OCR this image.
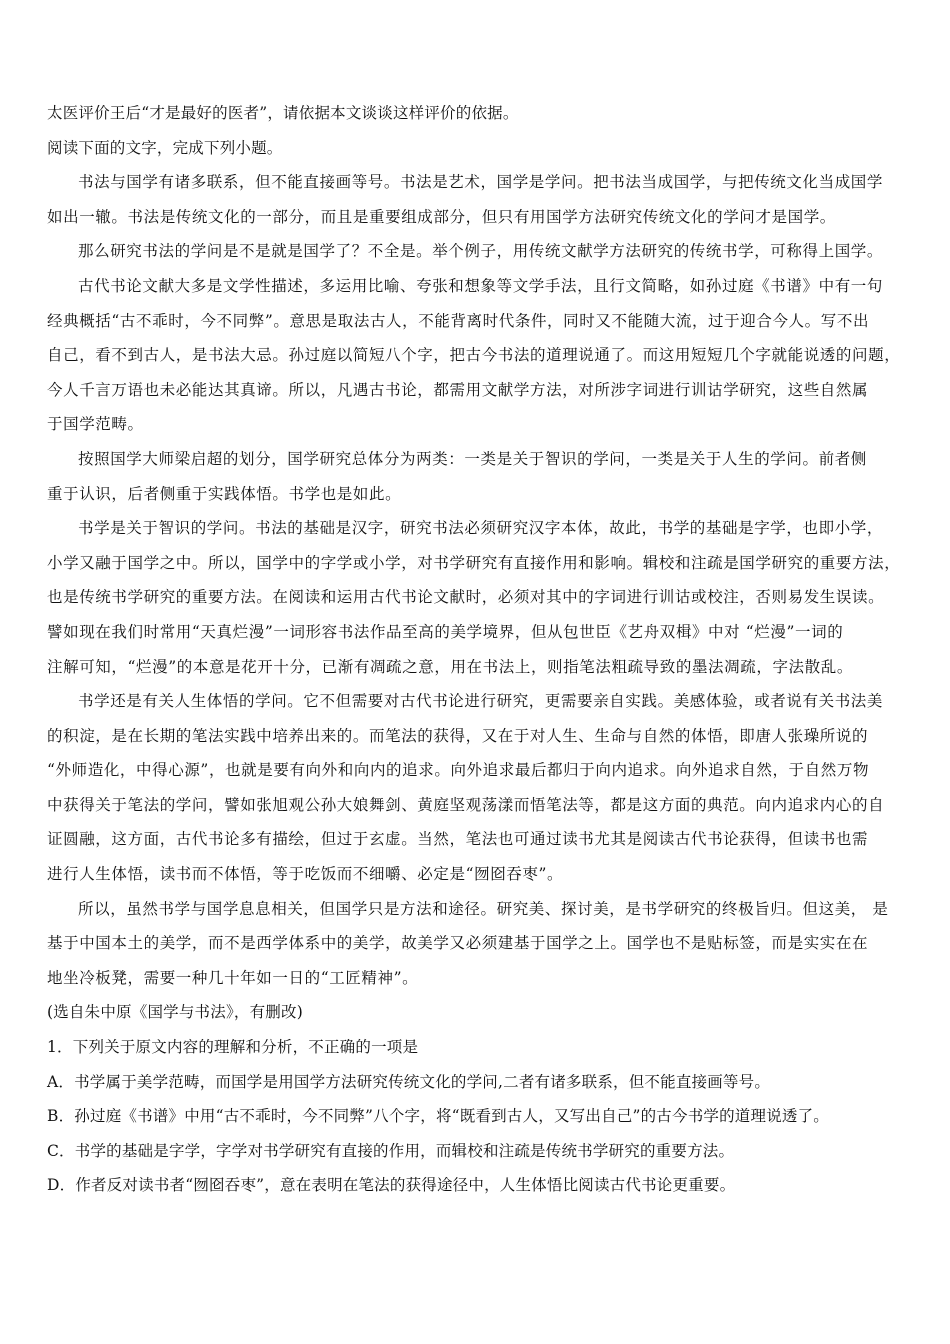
太医评价王后“才是最好的医者”，请依据本文谈谈这样评价的依据。
阅读下面的文字，完成下列小题。
书法与国学有诸多联系，但不能直接画等号。书法是艺术，国学是学问。把书法当成国学，与把传统文化当成国学
如出一辙。书法是传统文化的一部分，而且是重要组成部分，但只有用国学方法研究传统文化的学问才是国学。
那么研究书法的学问是不是就是国学了？不全是。举个例子，用传统文献学方法研究的传统书学，可称得上国学。
古代书论文献大多是文学性描述，多运用比喻、夸张和想象等文学手法，且行文简略，如孙过庭《书谱》中有一句
经典概括“古不乖时，今不同弊”。意思是取法古人，不能背离时代条件，同时又不能随大流，过于迎合今人。写不出
自己，看不到古人，是书法大忌。孙过庭以简短八个字，把古今书法的道理说通了。而这用短短几个字就能说透的问题，
今人千言万语也未必能达其真谛。所以，凡遇古书论，都需用文献学方法，对所涉字词进行训诂学研究，这些自然属
于国学范畴。
按照国学大师梁启超的划分，国学研究总体分为两类：一类是关于智识的学问，一类是关于人生的学问。前者侧
重于认识，后者侧重于实践体悟。书学也是如此。
书学是关于智识的学问。书法的基础是汉字，研究书法必须研究汉字本体，故此，书学的基础是字学，也即小学，
小学又融于国学之中。所以，国学中的字学或小学，对书学研究有直接作用和影响。辑校和注疏是国学研究的重要方法，
也是传统书学研究的重要方法。在阅读和运用古代书论文献时，必须对其中的字词进行训诂或校注，否则易发生误读。
譬如现在我们时常用“天真烂漫”一词形容书法作品至高的美学境界，但从包世臣《艺舟双楫》中对 “烂漫”一词的
注解可知，“烂漫”的本意是花开十分，已渐有凋疏之意，用在书法上，则指笔法粗疏导致的墨法凋疏，字法散乱。
书学还是有关人生体悟的学问。它不但需要对古代书论进行研究，更需要亲自实践。美感体验，或者说有关书法美
的积淀，是在长期的笔法实践中培养出来的。而笔法的获得，又在于对人生、生命与自然的体悟，即唐人张璪所说的
“外师造化，中得心源”，也就是要有向外和向内的追求。向外追求最后都归于向内追求。向外追求自然，于自然万物
中获得关于笔法的学问，譬如张旭观公孙大娘舞剑、黄庭坚观荡漾而悟笔法等，都是这方面的典范。向内追求内心的自
证圆融，这方面，古代书论多有描绘，但过于玄虚。当然，笔法也可通过读书尤其是阅读古代书论获得，但读书也需
进行人生体悟，读书而不体悟，等于吃饭而不细嚼、必定是“囫囵吞枣”。
所以，虽然书学与国学息息相关，但国学只是方法和途径。研究美、探讨美，是书学研究的终极旨归。但这美， 是
基于中国本土的美学，而不是西学体系中的美学，故美学又必须建基于国学之上。国学也不是贴标签，而是实实在在
地坐冷板凳，需要一种几十年如一日的“工匠精神”。
(选自朱中原《国学与书法》，有删改)
1．下列关于原文内容的理解和分析，不正确的一项是
A．书学属于美学范畴，而国学是用国学方法研究传统文化的学问,二者有诸多联系，但不能直接画等号。
B．孙过庭《书谱》中用“古不乖时，今不同弊”八个字，将“既看到古人，又写出自己”的古今书学的道理说透了。
C．书学的基础是字学，字学对书学研究有直接的作用，而辑校和注疏是传统书学研究的重要方法。
D．作者反对读书者“囫囵吞枣”，意在表明在笔法的获得途径中，人生体悟比阅读古代书论更重要。
